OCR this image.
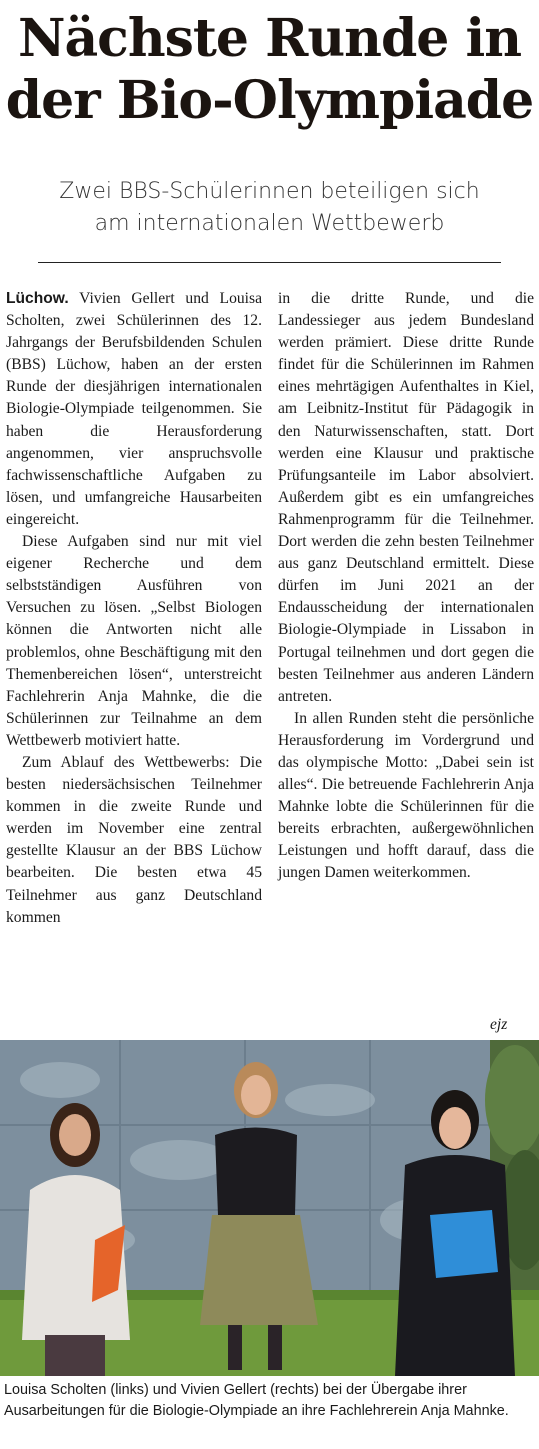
Nächste Runde in
der Bio-Olympiade
Zwei BBS-Schülerinnen beteiligen sich
am internationalen Wettbewerb

Lüchow. Vivien Gellert und Louisa Scholten, zwei Schülerinnen des 12. Jahrgangs der Berufsbildenden Schulen (BBS) Lüchow, haben an der ersten Runde der diesjährigen internationalen Biologie-Olympiade teilgenommen. Sie haben die Herausforderung angenommen, vier anspruchsvolle fachwissenschaftliche Aufgaben zu lösen, und umfangreiche Hausarbeiten eingereicht.

Diese Aufgaben sind nur mit viel eigener Recherche und dem selbstständigen Ausführen von Versuchen zu lösen. „Selbst Biologen können die Antworten nicht alle problemlos, ohne Beschäftigung mit den Themenbereichen lösen“, unterstreicht Fachlehrerin Anja Mahnke, die die Schülerinnen zur Teilnahme an dem Wettbewerb motiviert hatte.

Zum Ablauf des Wettbewerbs: Die besten niedersächsischen Teilnehmer kommen in die zweite Runde und werden im November eine zentral gestellte Klausur an der BBS Lüchow bearbeiten. Die besten etwa 45 Teilnehmer aus ganz Deutschland kommen

in die dritte Runde, und die Landessieger aus jedem Bundesland werden prämiert. Diese dritte Runde findet für die Schülerinnen im Rahmen eines mehrtägigen Aufenthaltes in Kiel, am Leibnitz-Institut für Pädagogik in den Naturwissenschaften, statt. Dort werden eine Klausur und praktische Prüfungsanteile im Labor absolviert. Außerdem gibt es ein umfangreiches Rahmenprogramm für die Teilnehmer. Dort werden die zehn besten Teilnehmer aus ganz Deutschland ermittelt. Diese dürfen im Juni 2021 an der Endausscheidung der internationalen Biologie-Olympiade in Lissabon in Portugal teilnehmen und dort gegen die besten Teilnehmer aus anderen Ländern antreten.

In allen Runden steht die persönliche Herausforderung im Vordergrund und das olympische Motto: „Dabei sein ist alles“. Die betreuende Fachlehrerin Anja Mahnke lobte die Schülerinnen für die bereits erbrachten, außergewöhnlichen Leistungen und hofft darauf, dass die jungen Damen weiterkommen.

ejz

Louisa Scholten (links) und Vivien Gellert (rechts) bei der Übergabe ihrer Ausarbeitungen für die Biologie-Olympiade an ihre Fachlehrerein Anja Mahnke.
